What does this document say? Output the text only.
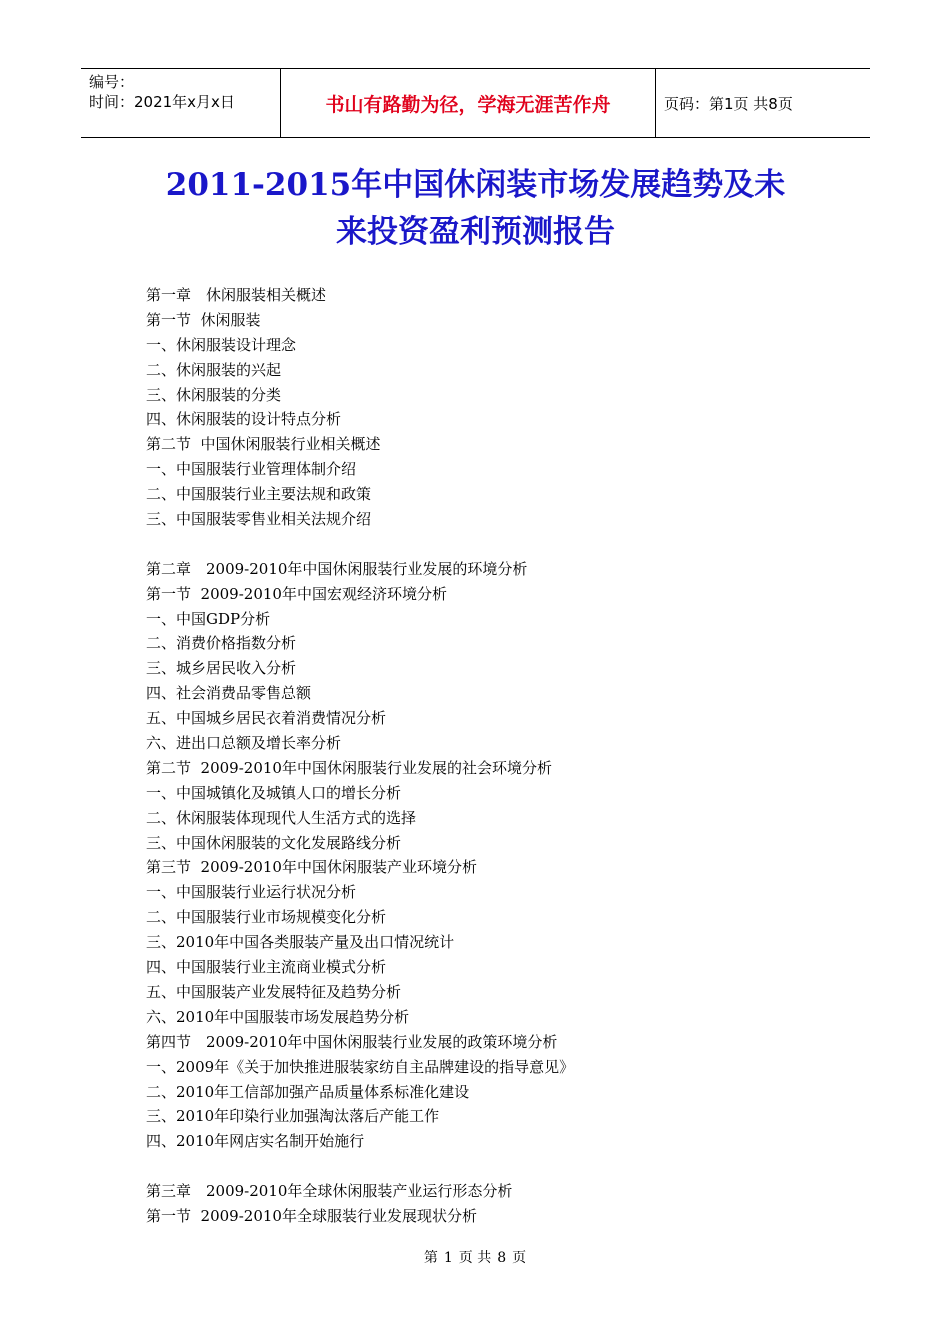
编号：
时间：2021年x月x日	书山有路勤为径，学海无涯苦作舟	页码：第1页 共8页
2011-2015年中国休闲装市场发展趋势及未
来投资盈利预测报告
第一章　休闲服装相关概述
第一节  休闲服装
一、休闲服装设计理念
二、休闲服装的兴起
三、休闲服装的分类
四、休闲服装的设计特点分析
第二节  中国休闲服装行业相关概述
一、中国服装行业管理体制介绍
二、中国服装行业主要法规和政策
三、中国服装零售业相关法规介绍
第二章　2009-2010年中国休闲服装行业发展的环境分析
第一节  2009-2010年中国宏观经济环境分析
一、中国GDP分析
二、消费价格指数分析
三、城乡居民收入分析
四、社会消费品零售总额
五、中国城乡居民衣着消费情况分析
六、进出口总额及增长率分析
第二节  2009-2010年中国休闲服装行业发展的社会环境分析
一、中国城镇化及城镇人口的增长分析
二、休闲服装体现现代人生活方式的选择
三、中国休闲服装的文化发展路线分析
第三节  2009-2010年中国休闲服装产业环境分析
一、中国服装行业运行状况分析
二、中国服装行业市场规模变化分析
三、2010年中国各类服装产量及出口情况统计
四、中国服装行业主流商业模式分析
五、中国服装产业发展特征及趋势分析
六、2010年中国服装市场发展趋势分析
第四节　2009-2010年中国休闲服装行业发展的政策环境分析
一、2009年《关于加快推进服装家纺自主品牌建设的指导意见》
二、2010年工信部加强产品质量体系标准化建设
三、2010年印染行业加强淘汰落后产能工作
四、2010年网店实名制开始施行
第三章　2009-2010年全球休闲服装产业运行形态分析
第一节  2009-2010年全球服装行业发展现状分析
第 1 页 共 8 页
